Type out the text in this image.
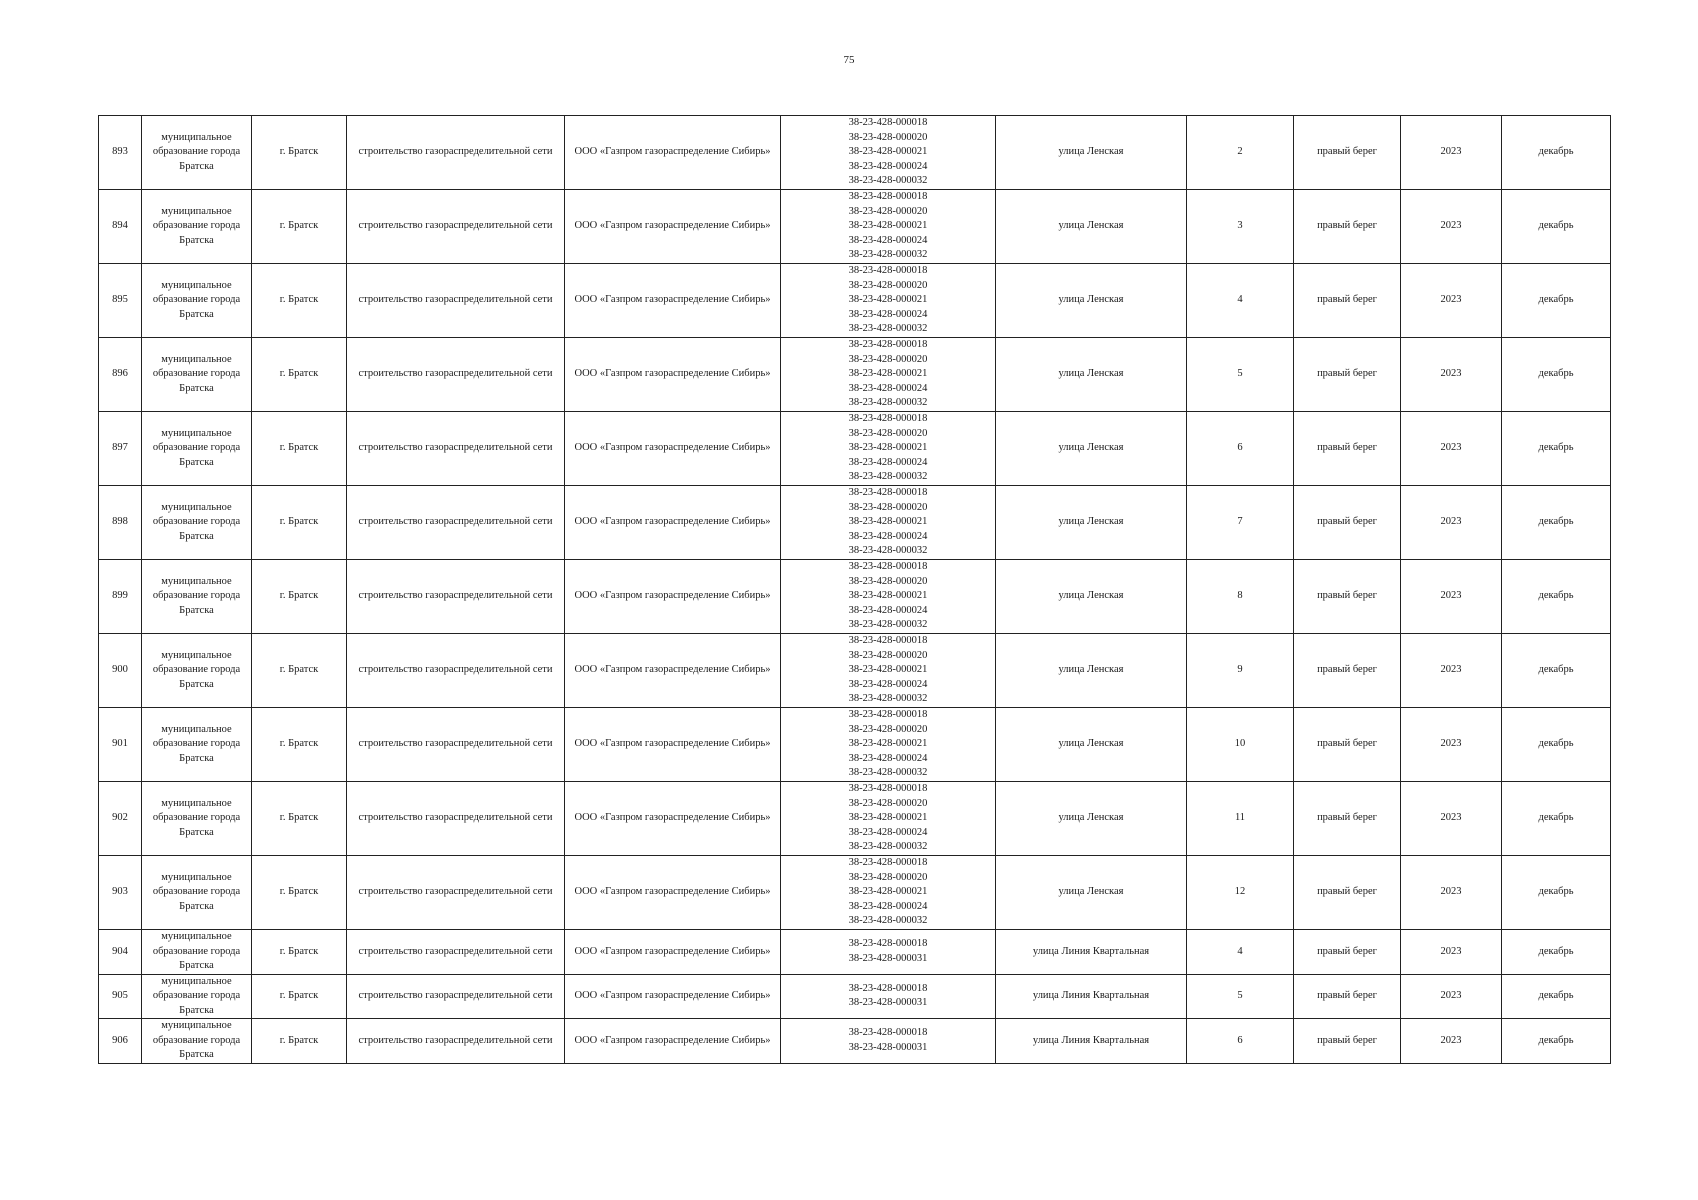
75
893	муниципальное образование города Братска	г. Братск	строительство газораспределительной сети	ООО «Газпром газораспределение Сибирь»	38-23-428-000018
38-23-428-000020
38-23-428-000021
38-23-428-000024
38-23-428-000032	улица Ленская	2	правый берег	2023	декабрь
894	муниципальное образование города Братска	г. Братск	строительство газораспределительной сети	ООО «Газпром газораспределение Сибирь»	38-23-428-000018
38-23-428-000020
38-23-428-000021
38-23-428-000024
38-23-428-000032	улица Ленская	3	правый берег	2023	декабрь
895	муниципальное образование города Братска	г. Братск	строительство газораспределительной сети	ООО «Газпром газораспределение Сибирь»	38-23-428-000018
38-23-428-000020
38-23-428-000021
38-23-428-000024
38-23-428-000032	улица Ленская	4	правый берег	2023	декабрь
896	муниципальное образование города Братска	г. Братск	строительство газораспределительной сети	ООО «Газпром газораспределение Сибирь»	38-23-428-000018
38-23-428-000020
38-23-428-000021
38-23-428-000024
38-23-428-000032	улица Ленская	5	правый берег	2023	декабрь
897	муниципальное образование города Братска	г. Братск	строительство газораспределительной сети	ООО «Газпром газораспределение Сибирь»	38-23-428-000018
38-23-428-000020
38-23-428-000021
38-23-428-000024
38-23-428-000032	улица Ленская	6	правый берег	2023	декабрь
898	муниципальное образование города Братска	г. Братск	строительство газораспределительной сети	ООО «Газпром газораспределение Сибирь»	38-23-428-000018
38-23-428-000020
38-23-428-000021
38-23-428-000024
38-23-428-000032	улица Ленская	7	правый берег	2023	декабрь
899	муниципальное образование города Братска	г. Братск	строительство газораспределительной сети	ООО «Газпром газораспределение Сибирь»	38-23-428-000018
38-23-428-000020
38-23-428-000021
38-23-428-000024
38-23-428-000032	улица Ленская	8	правый берег	2023	декабрь
900	муниципальное образование города Братска	г. Братск	строительство газораспределительной сети	ООО «Газпром газораспределение Сибирь»	38-23-428-000018
38-23-428-000020
38-23-428-000021
38-23-428-000024
38-23-428-000032	улица Ленская	9	правый берег	2023	декабрь
901	муниципальное образование города Братска	г. Братск	строительство газораспределительной сети	ООО «Газпром газораспределение Сибирь»	38-23-428-000018
38-23-428-000020
38-23-428-000021
38-23-428-000024
38-23-428-000032	улица Ленская	10	правый берег	2023	декабрь
902	муниципальное образование города Братска	г. Братск	строительство газораспределительной сети	ООО «Газпром газораспределение Сибирь»	38-23-428-000018
38-23-428-000020
38-23-428-000021
38-23-428-000024
38-23-428-000032	улица Ленская	11	правый берег	2023	декабрь
903	муниципальное образование города Братска	г. Братск	строительство газораспределительной сети	ООО «Газпром газораспределение Сибирь»	38-23-428-000018
38-23-428-000020
38-23-428-000021
38-23-428-000024
38-23-428-000032	улица Ленская	12	правый берег	2023	декабрь
904	муниципальное образование города Братска	г. Братск	строительство газораспределительной сети	ООО «Газпром газораспределение Сибирь»	38-23-428-000018
38-23-428-000031	улица Линия Квартальная	4	правый берег	2023	декабрь
905	муниципальное образование города Братска	г. Братск	строительство газораспределительной сети	ООО «Газпром газораспределение Сибирь»	38-23-428-000018
38-23-428-000031	улица Линия Квартальная	5	правый берег	2023	декабрь
906	муниципальное образование города Братска	г. Братск	строительство газораспределительной сети	ООО «Газпром газораспределение Сибирь»	38-23-428-000018
38-23-428-000031	улица Линия Квартальная	6	правый берег	2023	декабрь
